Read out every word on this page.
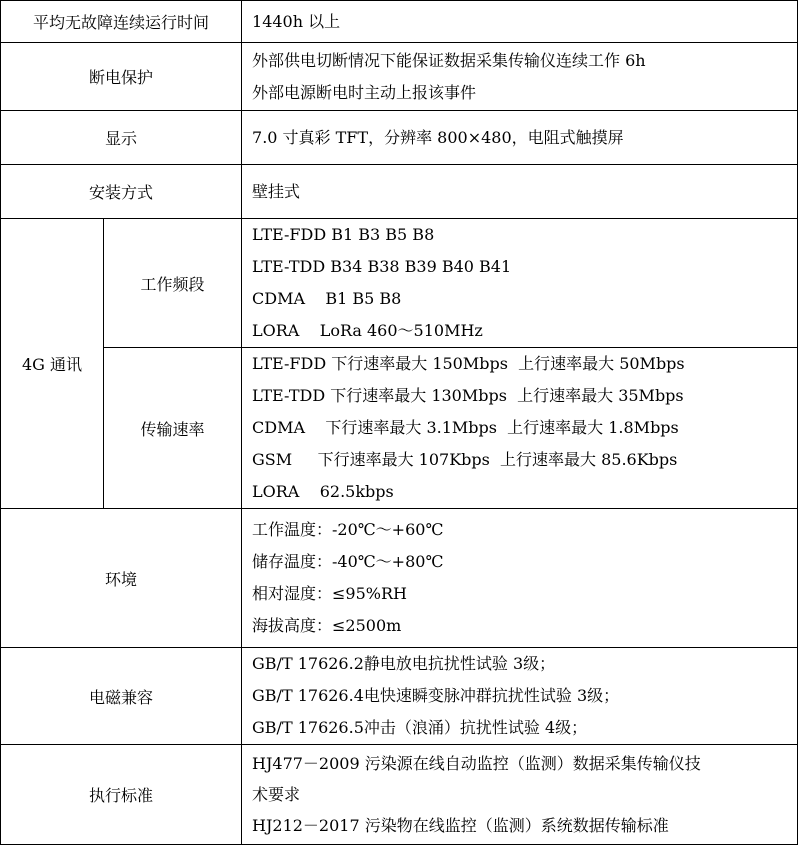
平均无故障连续运行时间		1440h 以上

断电保护		外部供电切断情况下能保证数据采集传输仪连续工作 6h
外部电源断电时主动上报该事件

显示		7.0 寸真彩 TFT，分辨率 800×480，电阻式触摸屏

安装方式		壁挂式

4G 通讯	工作频段	LTE-FDD B1 B3 B5 B8
LTE-TDD B34 B38 B39 B40 B41
CDMA    B1 B5 B8
LORA    LoRa 460～510MHz

	传输速率	LTE-FDD 下行速率最大 150Mbps  上行速率最大 50Mbps
LTE-TDD 下行速率最大 130Mbps  上行速率最大 35Mbps
CDMA    下行速率最大 3.1Mbps  上行速率最大 1.8Mbps
GSM     下行速率最大 107Kbps  上行速率最大 85.6Kbps
LORA    62.5kbps

环境		工作温度：-20℃～+60℃
储存温度：-40℃～+80℃
相对湿度：≤95%RH
海拔高度：≤2500m

电磁兼容		GB/T 17626.2静电放电抗扰性试验 3级；
GB/T 17626.4电快速瞬变脉冲群抗扰性试验 3级；
GB/T 17626.5冲击（浪涌）抗扰性试验 4级；

执行标准		HJ477－2009 污染源在线自动监控（监测）数据采集传输仪技
术要求
HJ212－2017 污染物在线监控（监测）系统数据传输标准
